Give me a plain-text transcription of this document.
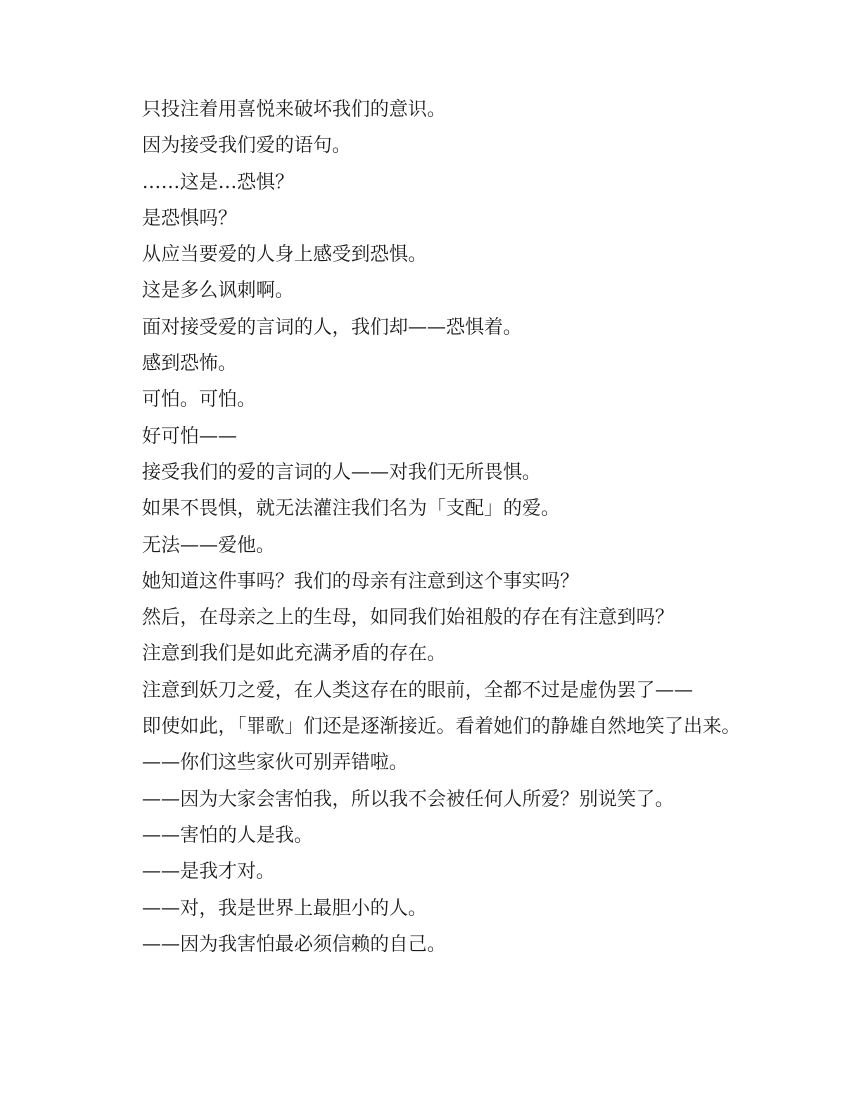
只投注着用喜悦来破坏我们的意识。

因为接受我们爱的语句。

……这是…恐惧？

是恐惧吗？

从应当要爱的人身上感受到恐惧。

这是多么讽刺啊。

面对接受爱的言词的人，我们却——恐惧着。

感到恐怖。

可怕。可怕。

好可怕——

接受我们的爱的言词的人——对我们无所畏惧。

如果不畏惧，就无法灌注我们名为「支配」的爱。

无法——爱他。

她知道这件事吗？我们的母亲有注意到这个事实吗？

然后，在母亲之上的生母，如同我们始祖般的存在有注意到吗？

注意到我们是如此充满矛盾的存在。

注意到妖刀之爱，在人类这存在的眼前，全都不过是虚伪罢了——

即使如此，「罪歌」们还是逐渐接近。看着她们的静雄自然地笑了出来。

——你们这些家伙可别弄错啦。

——因为大家会害怕我，所以我不会被任何人所爱？别说笑了。

——害怕的人是我。

——是我才对。

——对，我是世界上最胆小的人。

——因为我害怕最必须信赖的自己。
